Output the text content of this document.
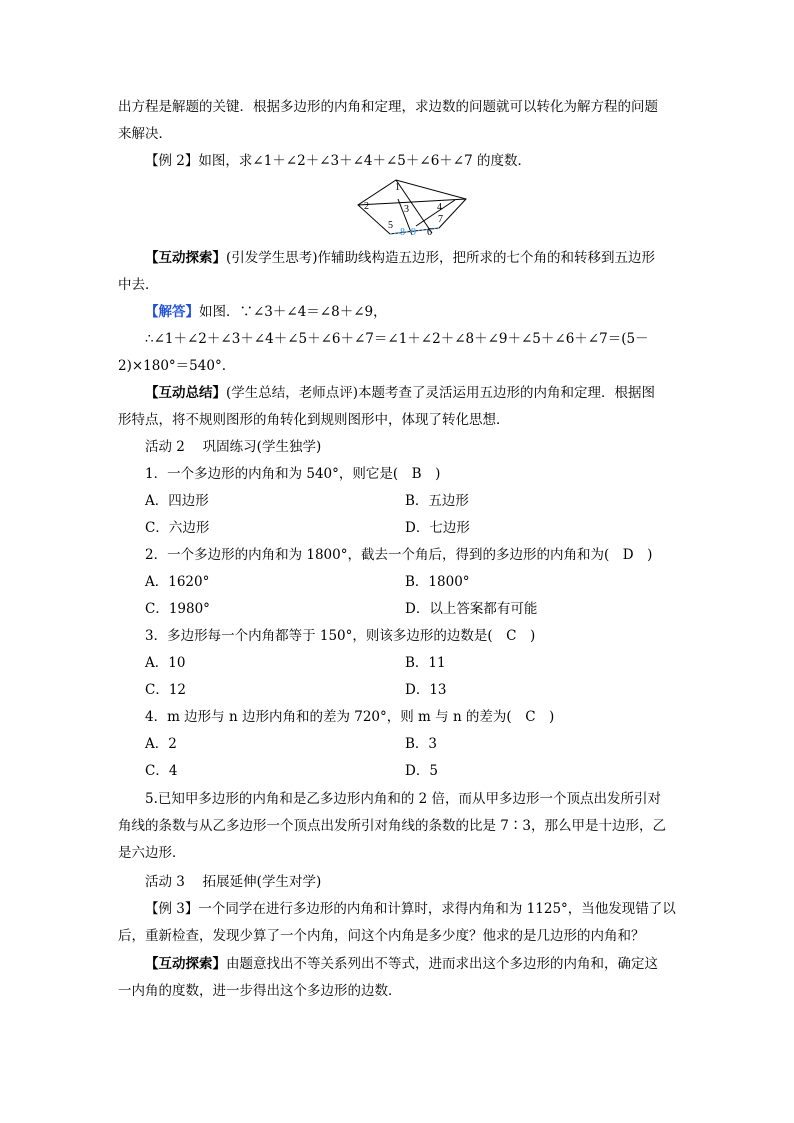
出方程是解题的关键．根据多边形的内角和定理，求边数的问题就可以转化为解方程的问题
来解决．
【例 2】如图，求∠1＋∠2＋∠3＋∠4＋∠5＋∠6＋∠7 的度数．
1
2	3	4
5
6
7
8 9
【互动探索】(引发学生思考)作辅助线构造五边形，把所求的七个角的和转移到五边形
中去．
【解答】如图．∵∠3＋∠4＝∠8＋∠9，
∴∠1＋∠2＋∠3＋∠4＋∠5＋∠6＋∠7＝∠1＋∠2＋∠8＋∠9＋∠5＋∠6＋∠7＝(5－
2)×180°＝540°.
【互动总结】(学生总结，老师点评)本题考查了灵活运用五边形的内角和定理．根据图
形特点，将不规则图形的角转化到规则图形中，体现了转化思想．
活动 2　 巩固练习(学生独学)
1．一个多边形的内角和为 540°，则它是(　B　)
A．四边形	B．五边形
C．六边形	D．七边形
2．一个多边形的内角和为 1800°，截去一个角后，得到的多边形的内角和为(　D　)
A．1620°	B．1800°
C．1980°	D．以上答案都有可能
3．多边形每一个内角都等于 150°，则该多边形的边数是(　C　)
A．10	B．11
C．12	D．13
4．m 边形与 n 边形内角和的差为 720°，则 m 与 n 的差为(　C　)
A．2	B．3
C．4	D．5
5.已知甲多边形的内角和是乙多边形内角和的 2 倍，而从甲多边形一个顶点出发所引对
角线的条数与从乙多边形一个顶点出发所引对角线的条数的比是 7∶3，那么甲是十边形，乙
是六边形．
活动 3　 拓展延伸(学生对学)
【例 3】一个同学在进行多边形的内角和计算时，求得内角和为 1125°，当他发现错了以
后，重新检查，发现少算了一个内角，问这个内角是多少度？他求的是几边形的内角和？
【互动探索】由题意找出不等关系列出不等式，进而求出这个多边形的内角和，确定这
一内角的度数，进一步得出这个多边形的边数．
